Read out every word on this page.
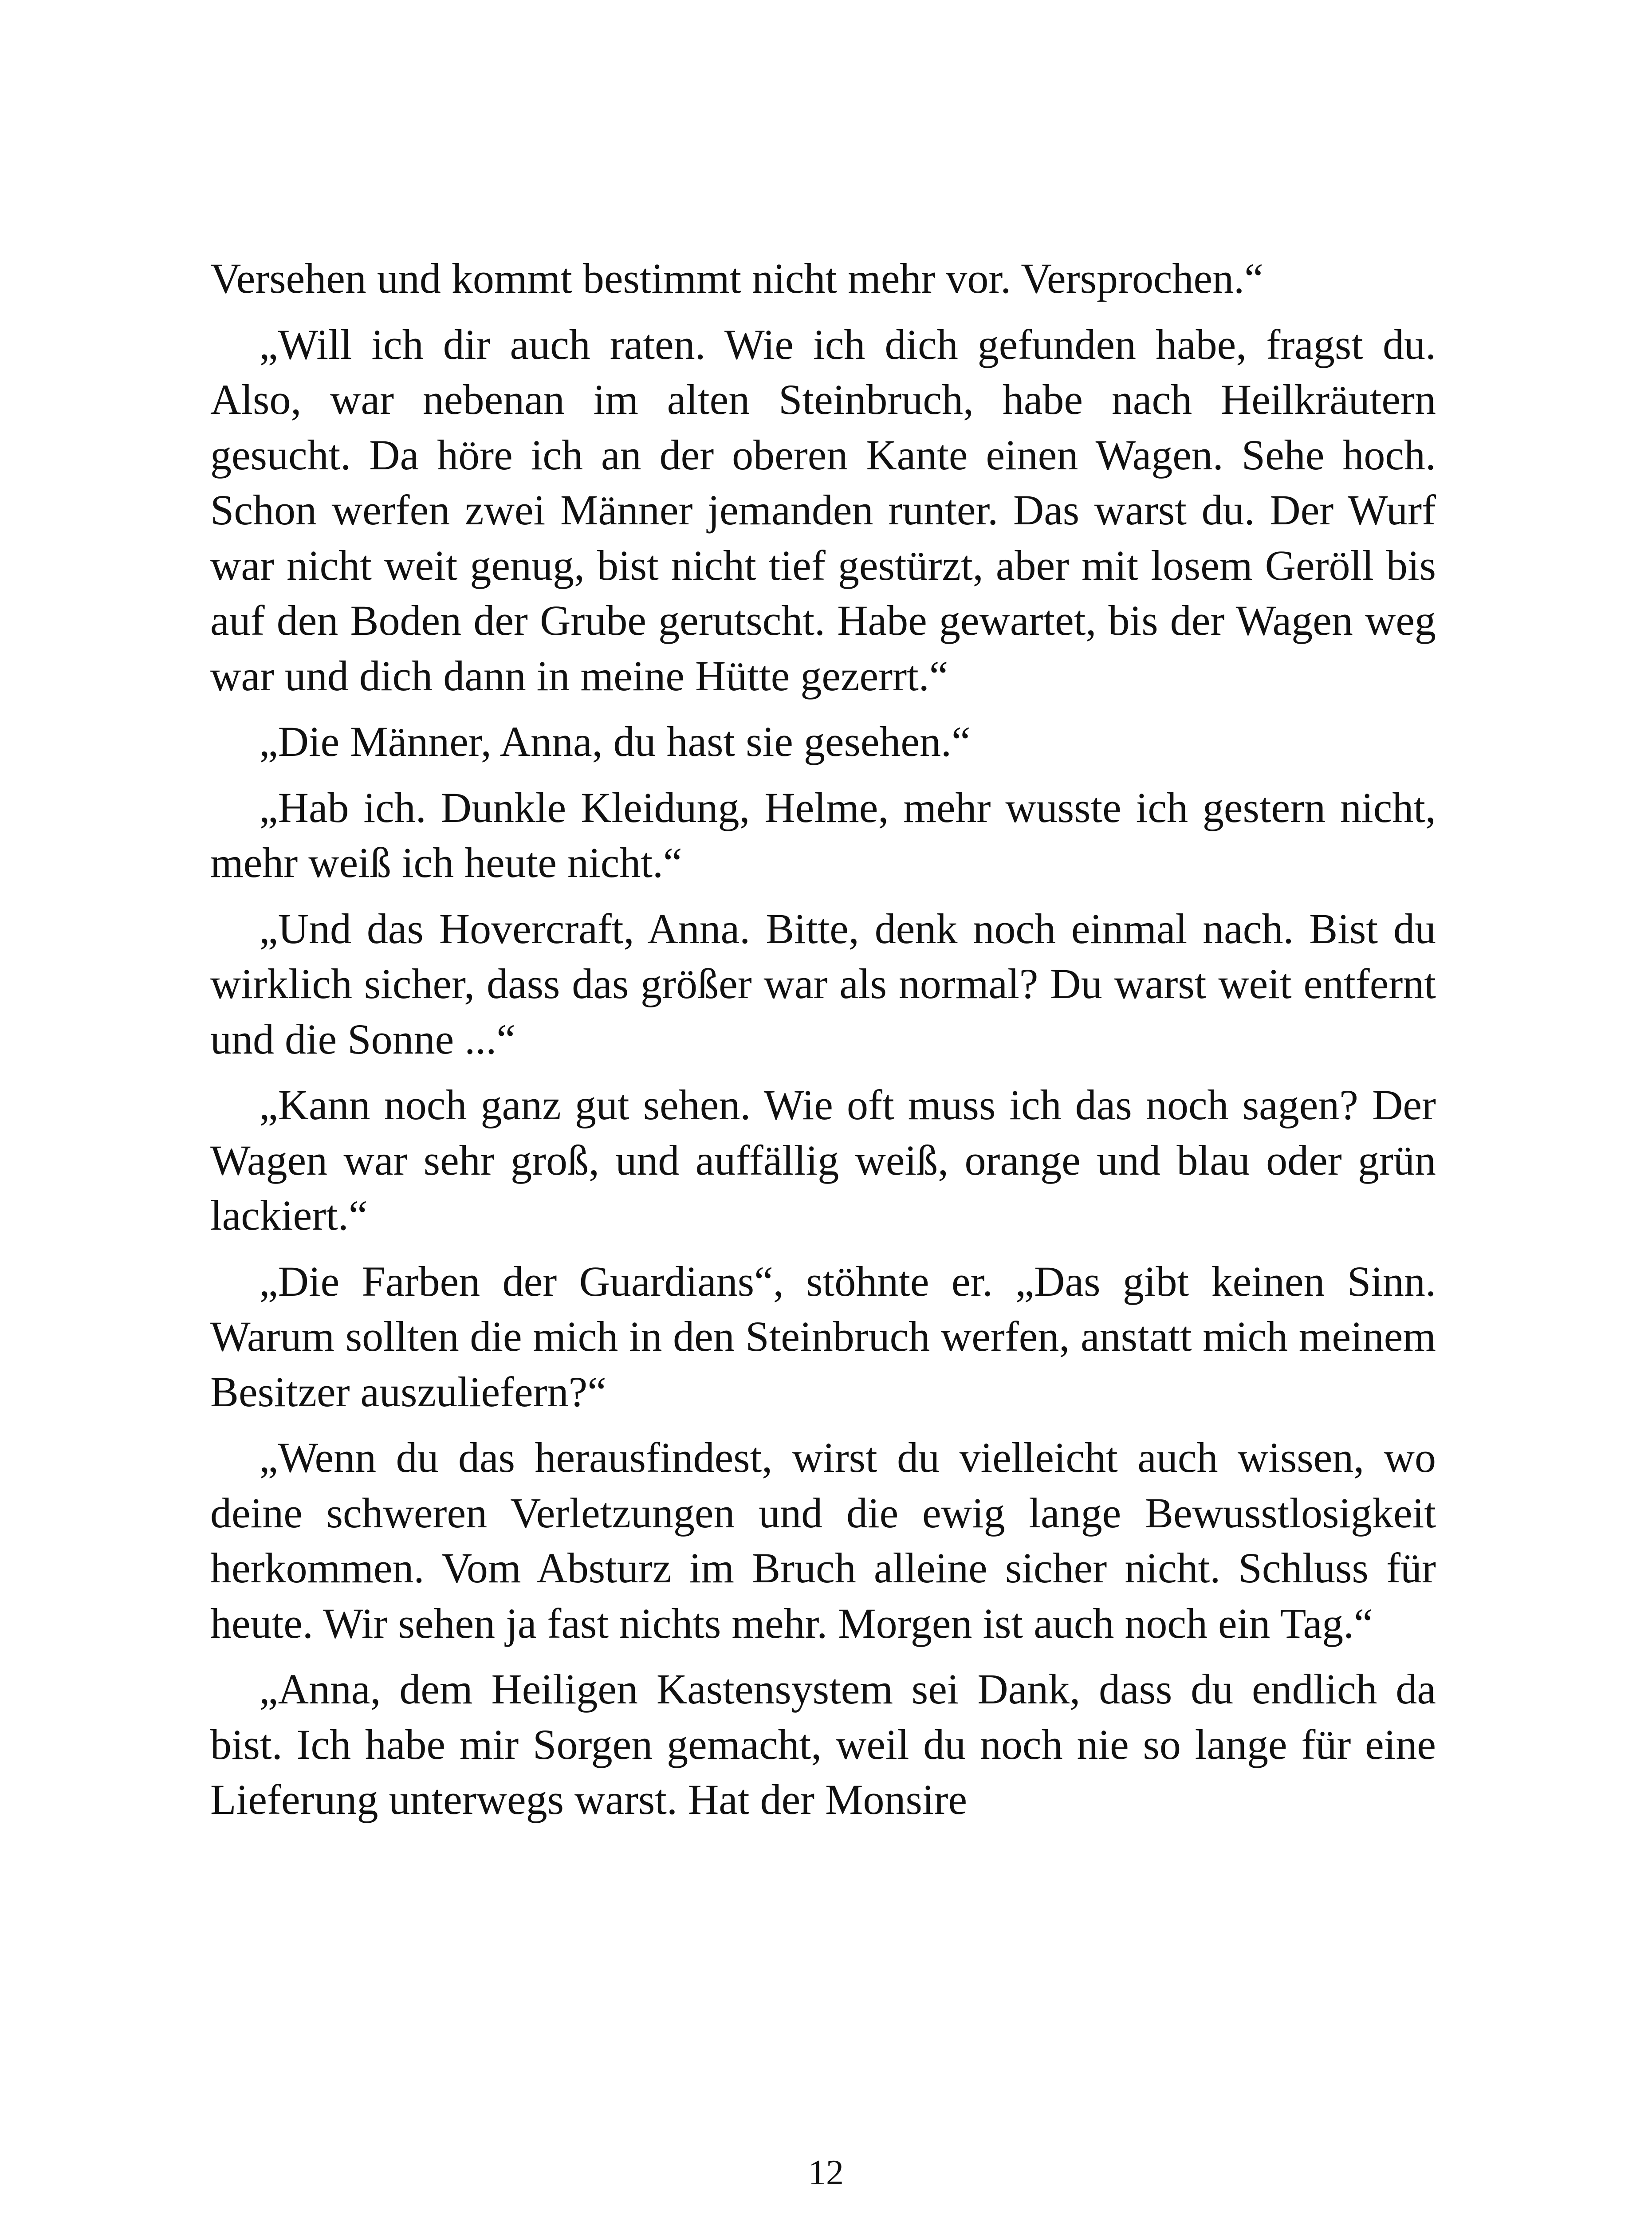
Versehen und kommt bestimmt nicht mehr vor. Versprochen.“

„Will ich dir auch raten. Wie ich dich gefunden habe, fragst du. Also, war nebenan im alten Steinbruch, habe nach Heilkräutern gesucht. Da höre ich an der oberen Kante einen Wagen. Sehe hoch. Schon werfen zwei Männer jemanden runter. Das warst du. Der Wurf war nicht weit genug, bist nicht tief gestürzt, aber mit losem Geröll bis auf den Boden der Grube gerutscht. Habe gewartet, bis der Wagen weg war und dich dann in meine Hütte gezerrt.“

„Die Männer, Anna, du hast sie gesehen.“

„Hab ich. Dunkle Kleidung, Helme, mehr wusste ich gestern nicht, mehr weiß ich heute nicht.“

„Und das Hovercraft, Anna. Bitte, denk noch einmal nach. Bist du wirklich sicher, dass das größer war als normal? Du warst weit entfernt und die Sonne ...“

„Kann noch ganz gut sehen. Wie oft muss ich das noch sagen? Der Wagen war sehr groß, und auffällig weiß, orange und blau oder grün lackiert.“

„Die Farben der Guardians“, stöhnte er. „Das gibt keinen Sinn. Warum sollten die mich in den Steinbruch werfen, anstatt mich meinem Besitzer auszuliefern?“

„Wenn du das herausfindest, wirst du vielleicht auch wissen, wo deine schweren Verletzungen und die ewig lange Bewusstlosigkeit herkommen. Vom Absturz im Bruch alleine sicher nicht. Schluss für heute. Wir sehen ja fast nichts mehr. Morgen ist auch noch ein Tag.“

„Anna, dem Heiligen Kastensystem sei Dank, dass du endlich da bist. Ich habe mir Sorgen gemacht, weil du noch nie so lange für eine Lieferung unterwegs warst. Hat der Monsire

12
